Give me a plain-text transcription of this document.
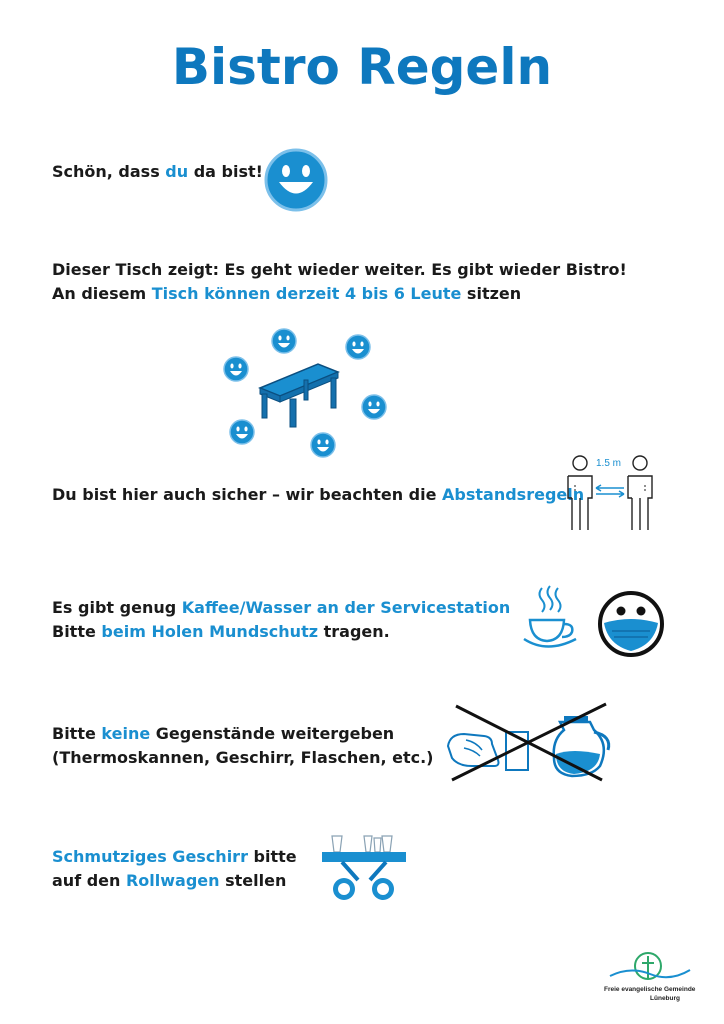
Bistro Regeln
Schön, dass du da bist!
Dieser Tisch zeigt: Es geht wieder weiter. Es gibt wieder Bistro!
An diesem Tisch können derzeit 4 bis 6 Leute sitzen
Du bist hier auch sicher – wir beachten die Abstandsregeln
1.5 m
Es gibt genug Kaffee/Wasser an der Servicestation
Bitte beim Holen Mundschutz tragen.
Bitte keine Gegenstände weitergeben
(Thermoskannen, Geschirr, Flaschen, etc.)
Schmutziges Geschirr bitte
auf den Rollwagen stellen
Freie evangelische Gemeinde
Lüneburg
